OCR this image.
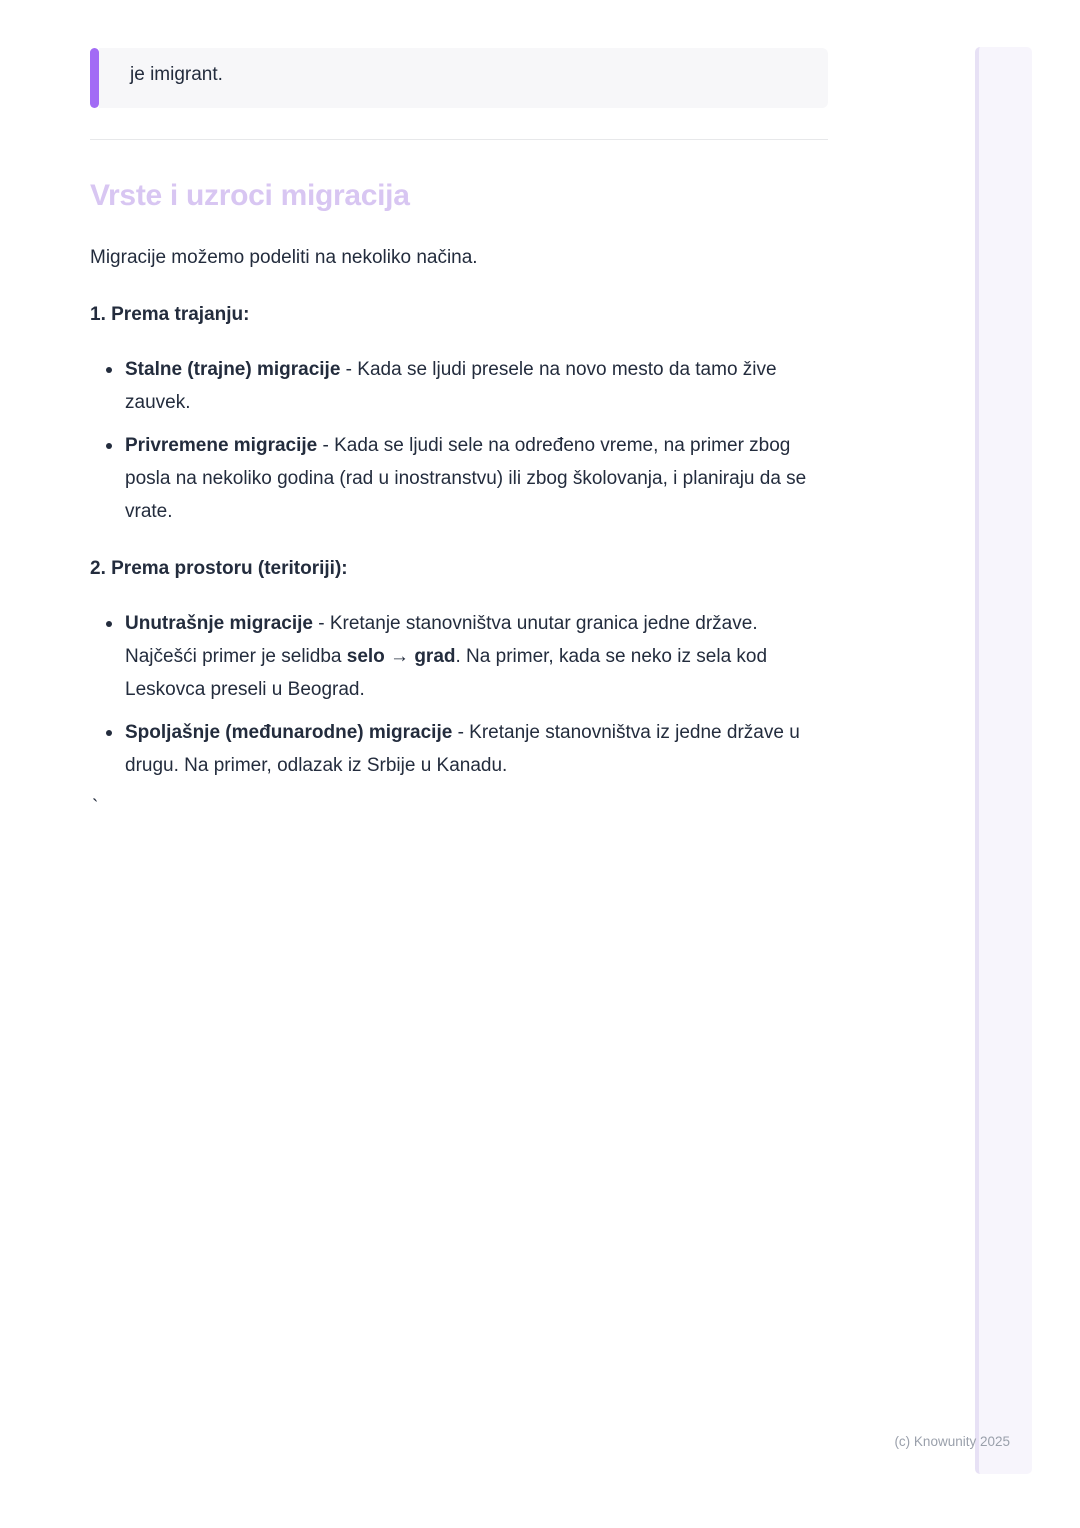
je imigrant.

Vrste i uzroci migracija

Migracije možemo podeliti na nekoliko načina.

1. Prema trajanju:

Stalne (trajne) migracije - Kada se ljudi presele na novo mesto da tamo žive zauvek.

Privremene migracije - Kada se ljudi sele na određeno vreme, na primer zbog posla na nekoliko godina (rad u inostranstvu) ili zbog školovanja, i planiraju da se vrate.

2. Prema prostoru (teritoriji):

Unutrašnje migracije - Kretanje stanovništva unutar granica jedne države. Najčešći primer je selidba selo → grad. Na primer, kada se neko iz sela kod Leskovca preseli u Beograd.

Spoljašnje (međunarodne) migracije - Kretanje stanovništva iz jedne države u drugu. Na primer, odlazak iz Srbije u Kanadu.

`

(c) Knowunity 2025
